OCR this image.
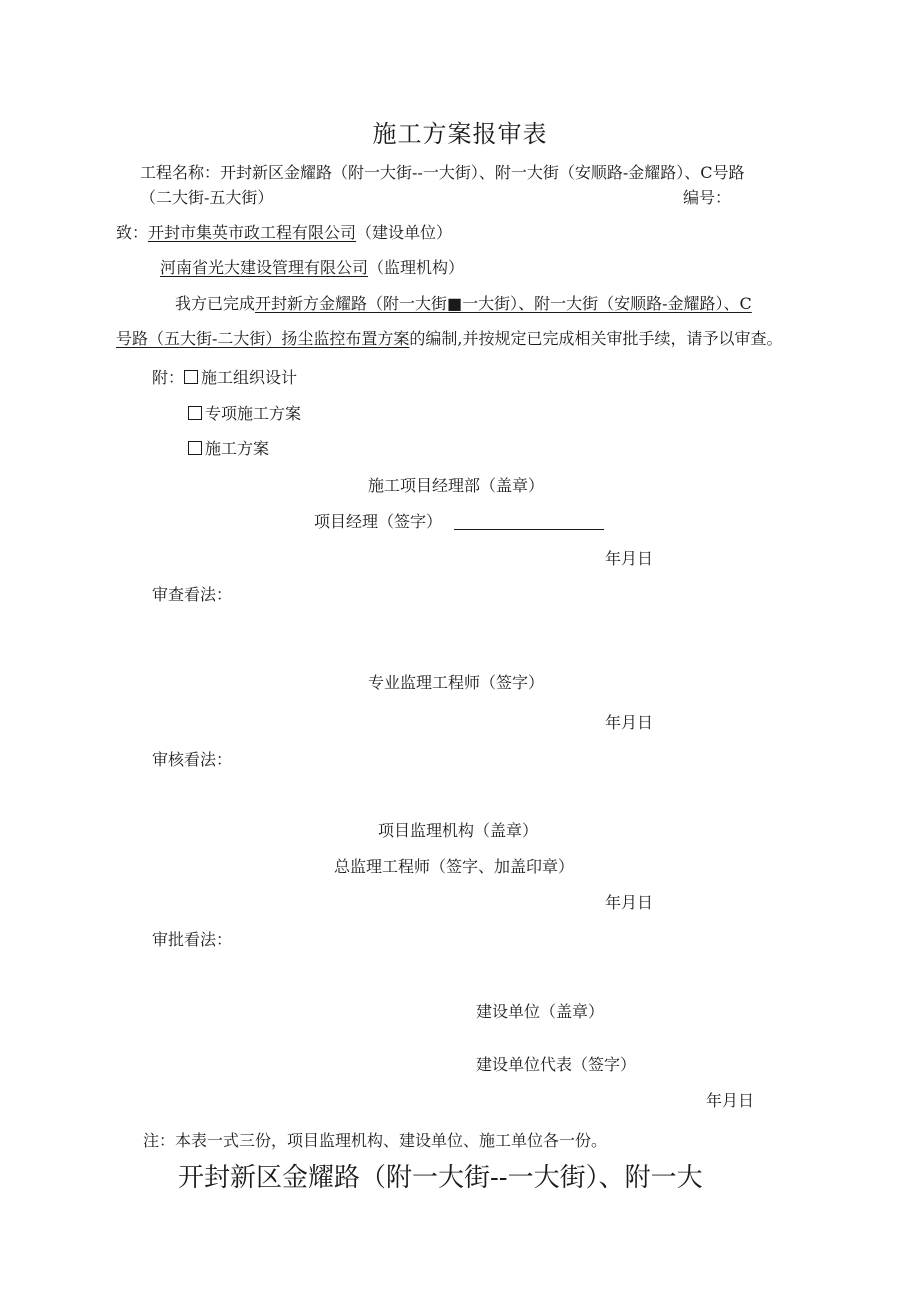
施工方案报审表
工程名称：开封新区金耀路（附一大街--一大街）、附一大街（安顺路-金耀路）、C号路
（二大街-五大街）	编号：
致：开封市集英市政工程有限公司（建设单位）
河南省光大建设管理有限公司（监理机构）
我方已完成开封新方金耀路（附一大街■一大街）、附一大街（安顺路-金耀路）、C
号路（五大街-二大街）扬尘监控布置方案的编制,并按规定已完成相关审批手续，请予以审查。
附： 施工组织设计
专项施工方案
施工方案
施工项目经理部（盖章）
项目经理（签字）
年月日
审查看法：
专业监理工程师（签字）
年月日
审核看法：
项目监理机构（盖章）
总监理工程师（签字、加盖印章）
年月日
审批看法：
建设单位（盖章）
建设单位代表（签字）
年月日
注：本表一式三份，项目监理机构、建设单位、施工单位各一份。
开封新区金耀路（附一大街--一大街）、附一大
